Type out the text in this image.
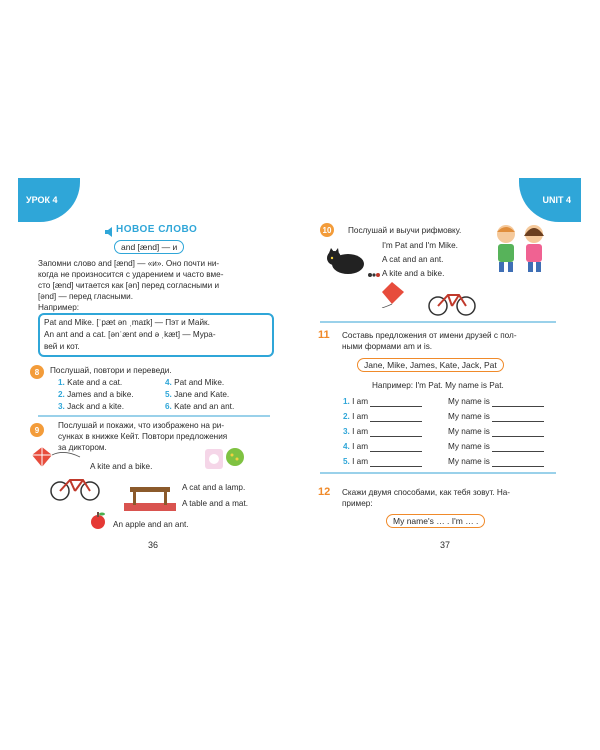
УРОК 4
НОВОЕ СЛОВО
and [ænd] — и
Запомни слово and [ænd] — «и». Оно почти ни-
когда не произносится с ударением и часто вме-
сто [ænd] читается как [ən] перед согласными и
[ənd] — перед гласными.
Например:
Pat and Mike. [ˈpæt ən ˌmaɪk] — Пэт и Майк.
An ant and a cat. [ənˈænt ənd ə ˌkæt] — Мура-
вей и кот.
8 Послушай, повтори и переведи.
1. Kate and a cat.
2. James and a bike.
3. Jack and a kite.
4. Pat and Mike.
5. Jane and Kate.
6. Kate and an ant.
9 Послушай и покажи, что изображено на ри-
сунках в книжке Кейт. Повтори предложения
за диктором.
A kite and a bike.
A cat and a lamp.
A table and a mat.
An apple and an ant.
36
UNIT 4
10 Послушай и выучи рифмовку.
I'm Pat and I'm Mike.
A cat and an ant.
A kite and a bike.
11 Составь предложения от имени друзей с пол-
ными формами am и is.
Jane, Mike, James, Kate, Jack, Pat
Например: I'm Pat. My name is Pat.
1. I am	My name is
2. I am	My name is
3. I am	My name is
4. I am	My name is
5. I am	My name is
12 Скажи двумя способами, как тебя зовут. На-
пример:
My name's … . I'm … .
37
